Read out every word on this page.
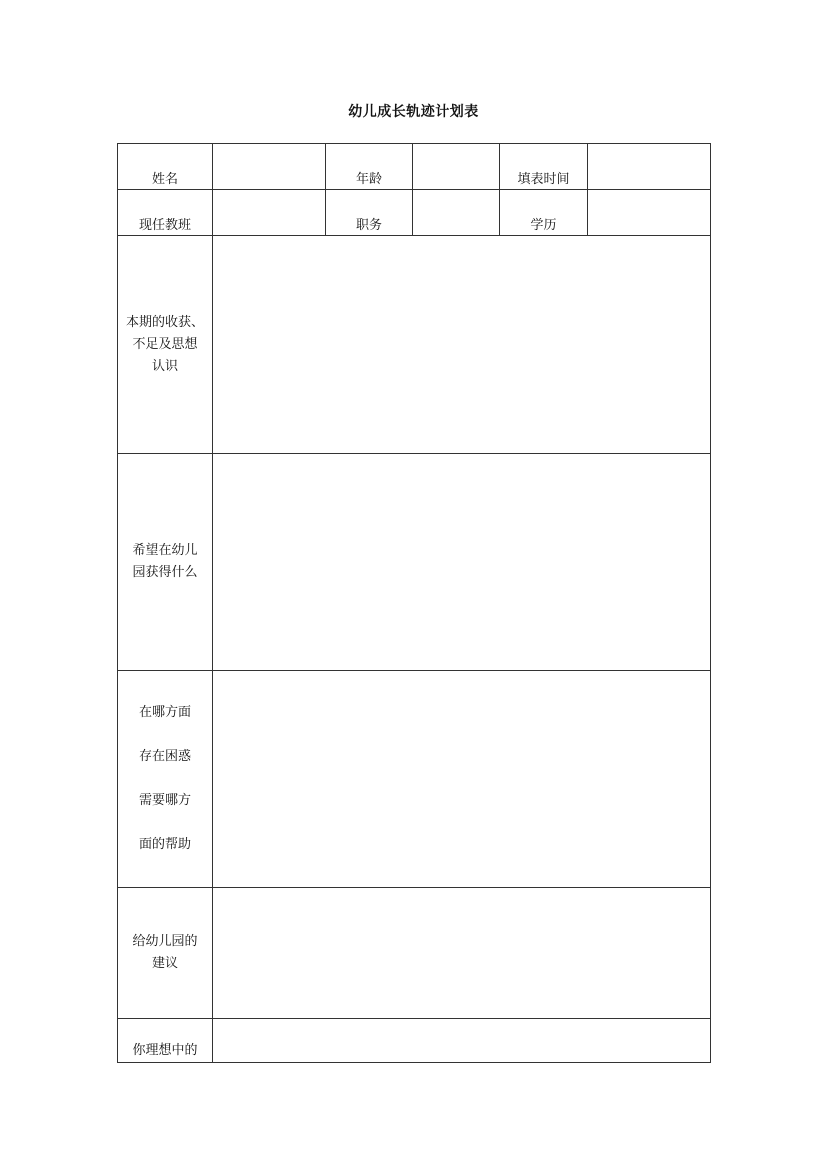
幼儿成长轨迹计划表
姓名		年龄		填表时间	
现任教班		职务		学历	

本期的收获、
不足及思想
认识					

希望在幼儿
园获得什么					

在哪方面
存在困惑
需要哪方
面的帮助					

给幼儿园的
建议					

你理想中的					
